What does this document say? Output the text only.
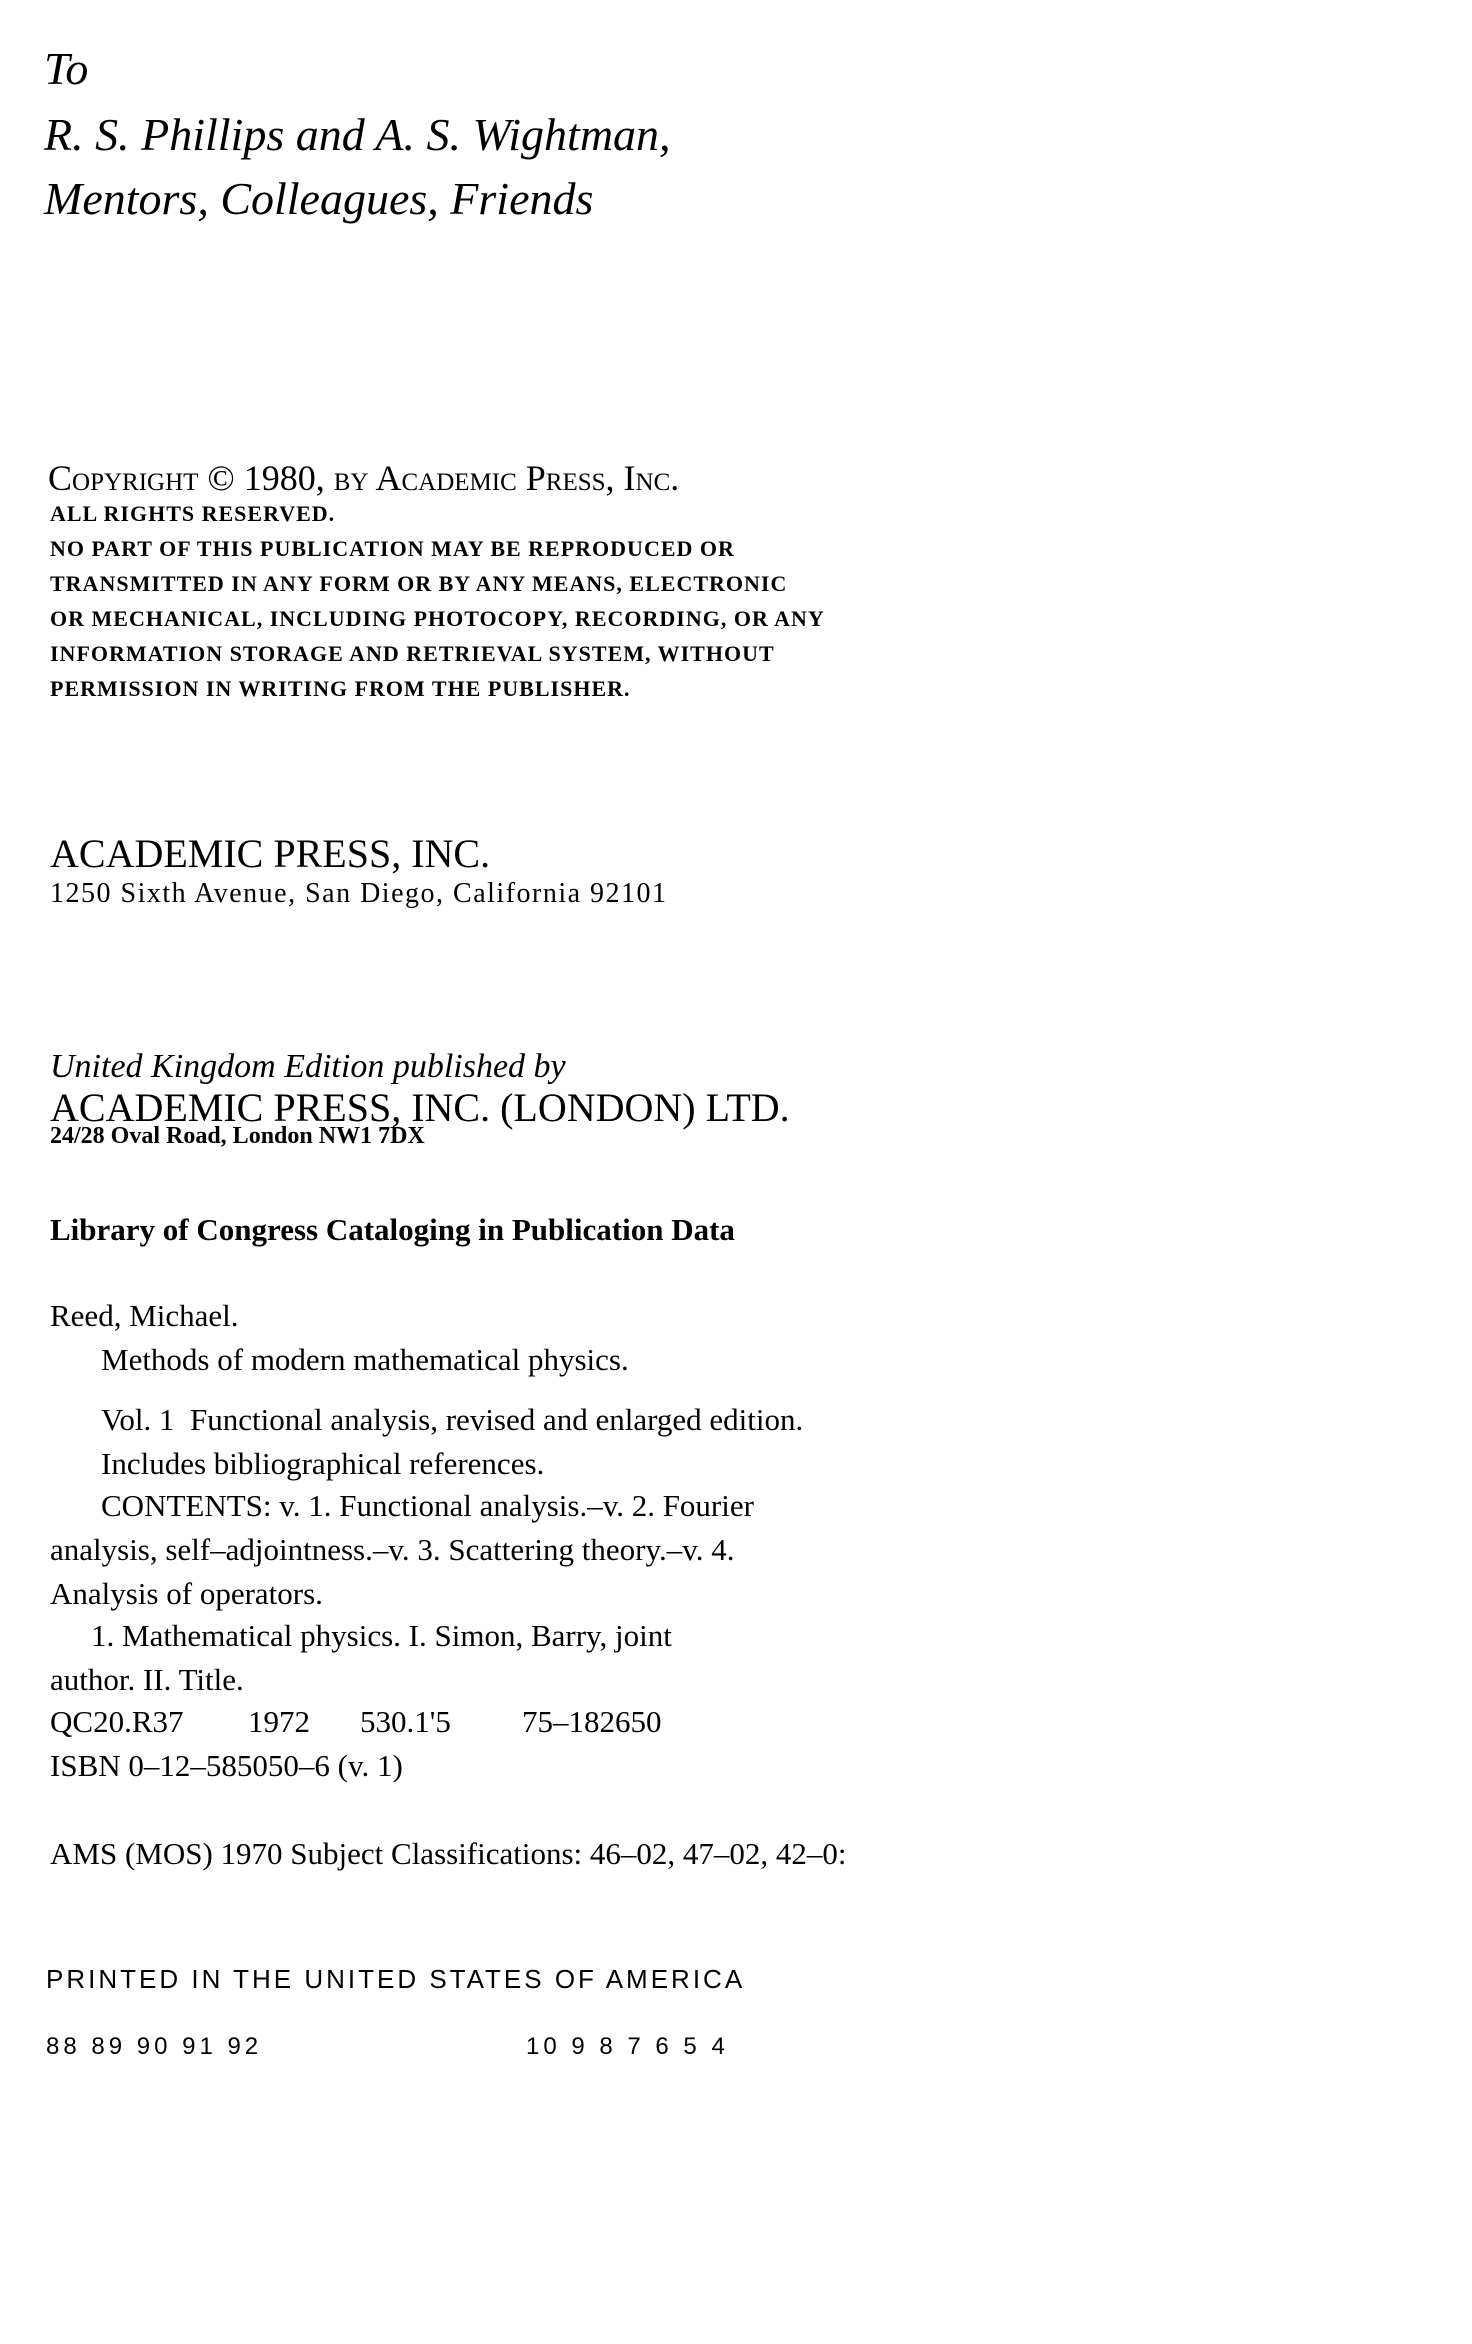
To
R. S. Phillips and A. S. Wightman,
Mentors, Colleagues, Friends
Copyright © 1980, by Academic Press, Inc.
ALL RIGHTS RESERVED.
NO PART OF THIS PUBLICATION MAY BE REPRODUCED OR
TRANSMITTED IN ANY FORM OR BY ANY MEANS, ELECTRONIC
OR MECHANICAL, INCLUDING PHOTOCOPY, RECORDING, OR ANY
INFORMATION STORAGE AND RETRIEVAL SYSTEM, WITHOUT
PERMISSION IN WRITING FROM THE PUBLISHER.
ACADEMIC PRESS, INC.
1250 Sixth Avenue, San Diego, California 92101
United Kingdom Edition published by
ACADEMIC PRESS, INC. (LONDON) LTD.
24/28 Oval Road, London NW1 7DX
Library of Congress Cataloging in Publication Data
Reed, Michael.
Methods of modern mathematical physics.
Vol. 1 Functional analysis, revised and enlarged edition.
Includes bibliographical references.
CONTENTS: v. 1. Functional analysis.–v. 2. Fourier
analysis, self–adjointness.–v. 3. Scattering theory.–v. 4.
Analysis of operators.
1. Mathematical physics. I. Simon, Barry, joint
author. II. Title.
QC20.R37 1972 530.1'5 75–182650
ISBN 0–12–585050–6 (v. 1)
AMS (MOS) 1970 Subject Classifications: 46–02, 47–02, 42–0:
PRINTED IN THE UNITED STATES OF AMERICA
88 89 90 91 92	10 9 8 7 6 5 4
